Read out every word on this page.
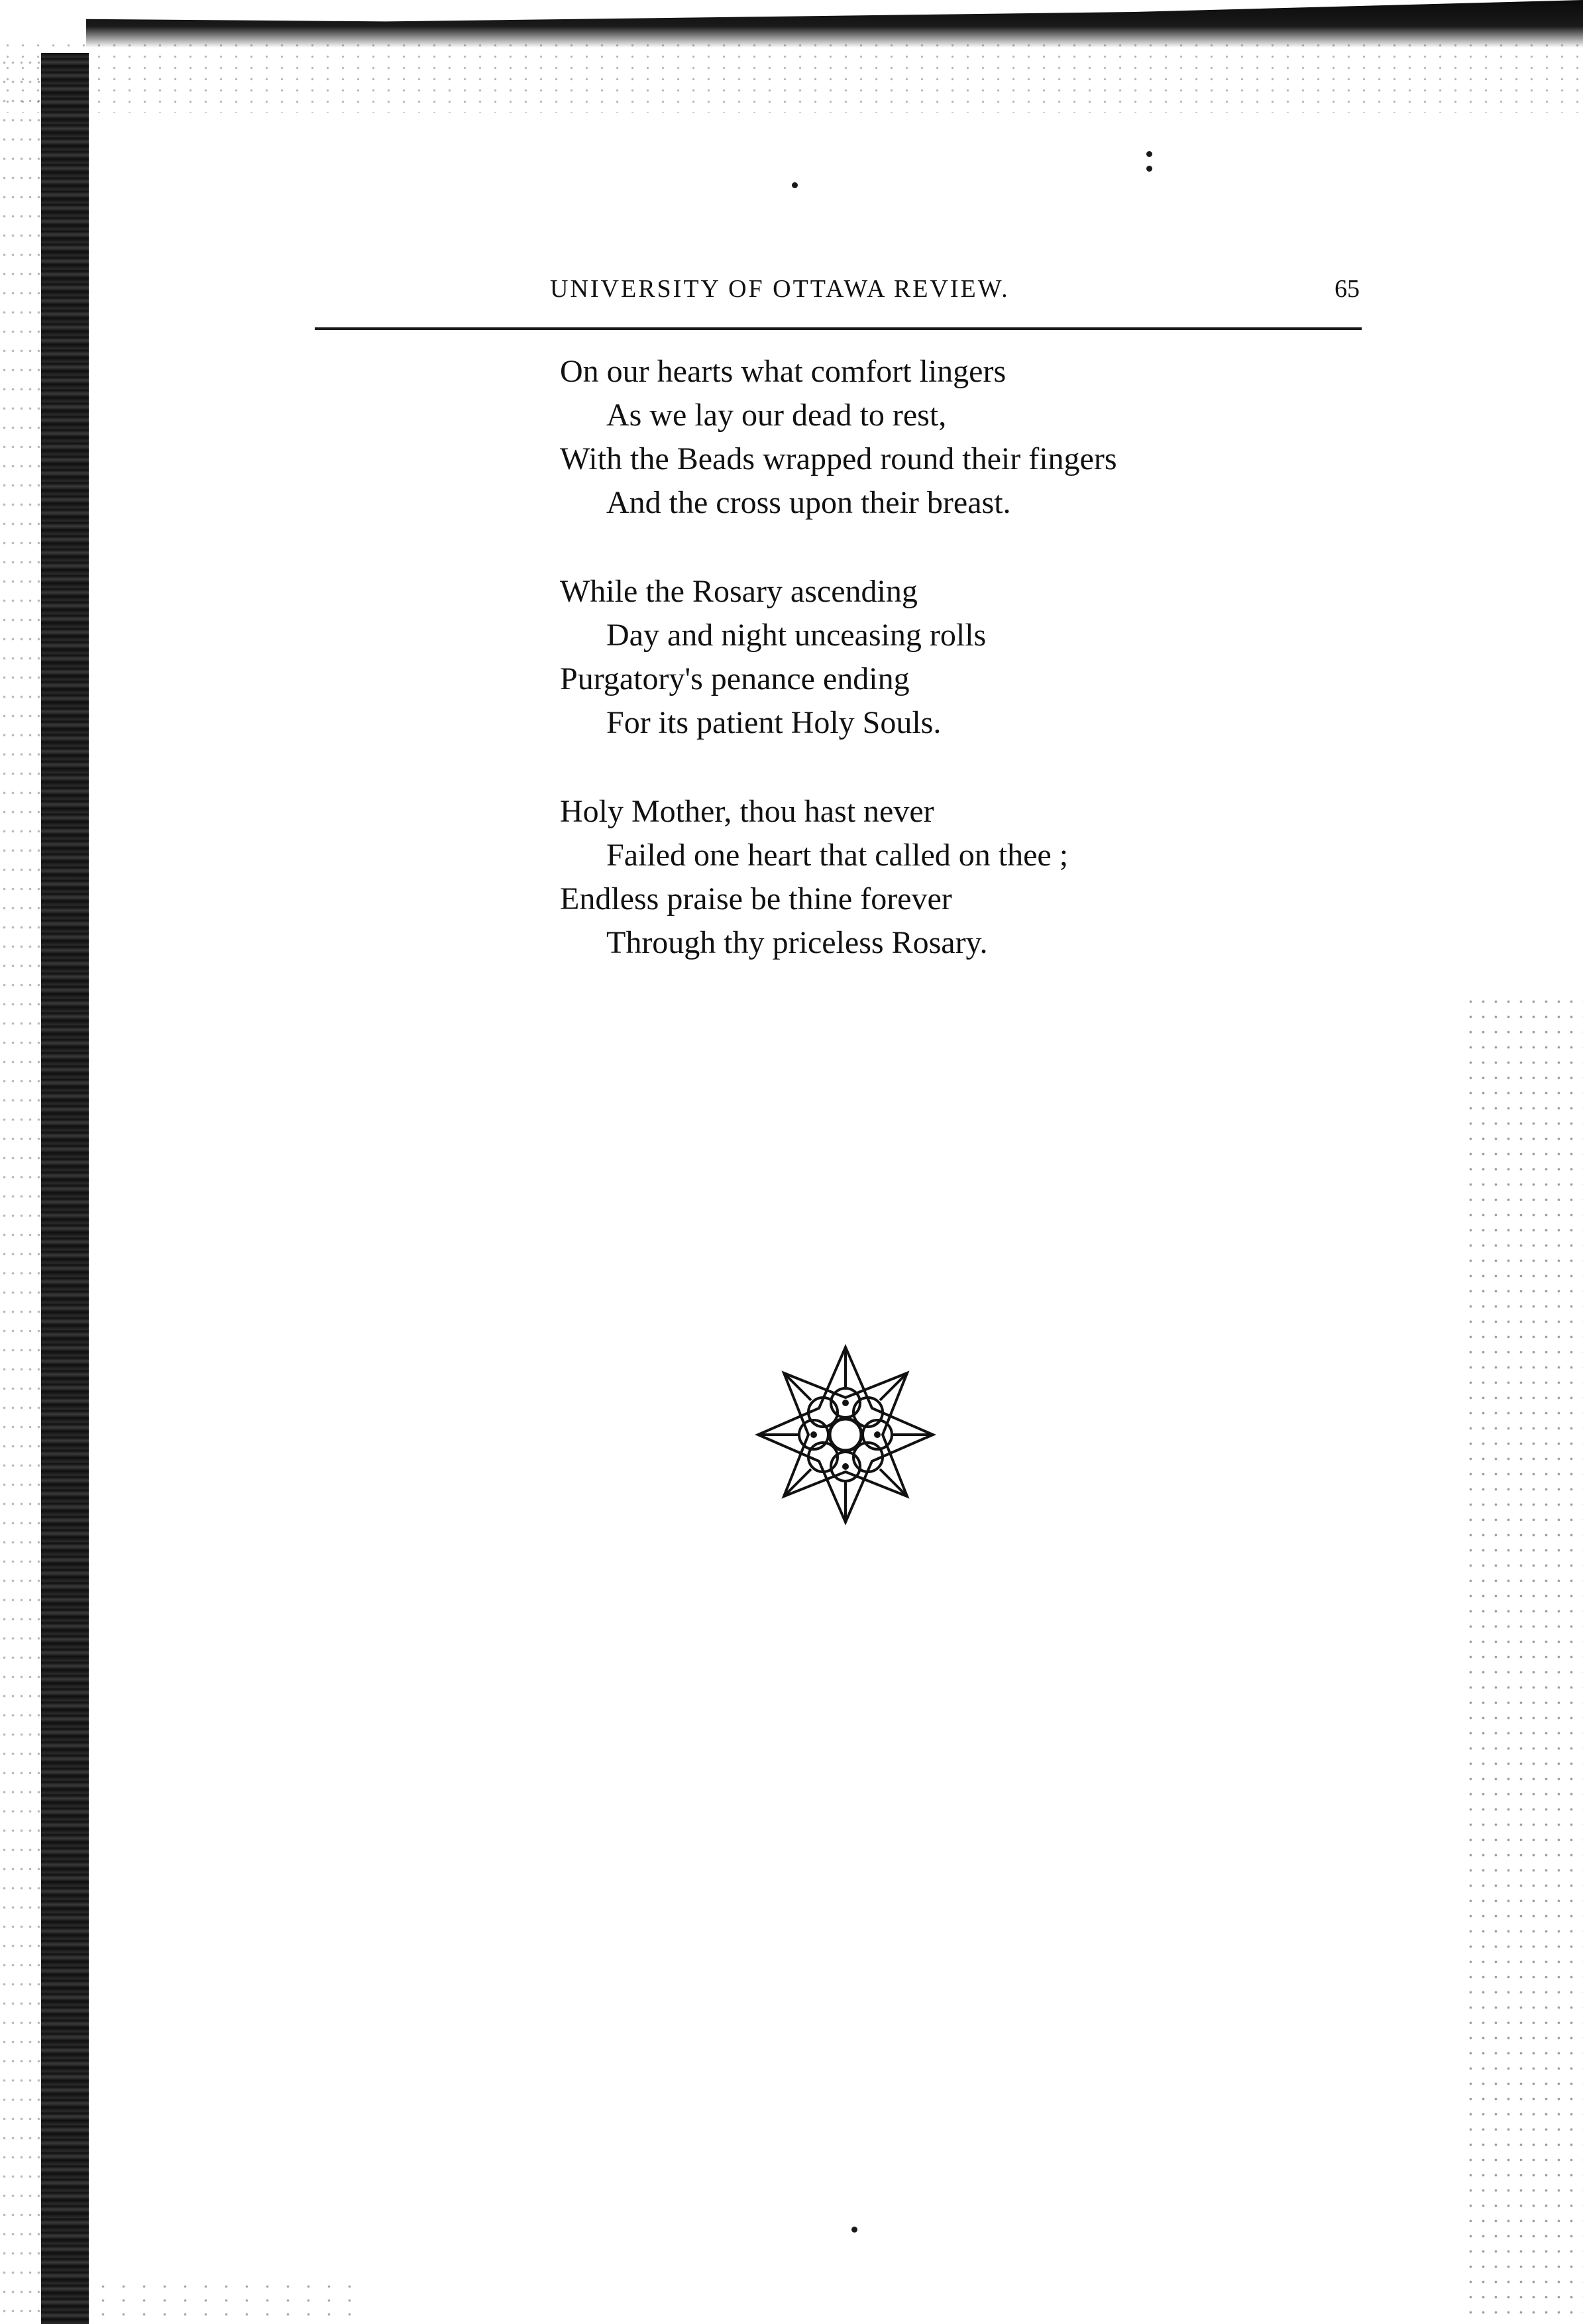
UNIVERSITY OF OTTAWA REVIEW.	65
On our hearts what comfort lingers
As we lay our dead to rest,
With the Beads wrapped round their fingers
And the cross upon their breast.
While the Rosary ascending
Day and night unceasing rolls
Purgatory's penance ending
For its patient Holy Souls.
Holy Mother, thou hast never
Failed one heart that called on thee ;
Endless praise be thine forever
Through thy priceless Rosary.
